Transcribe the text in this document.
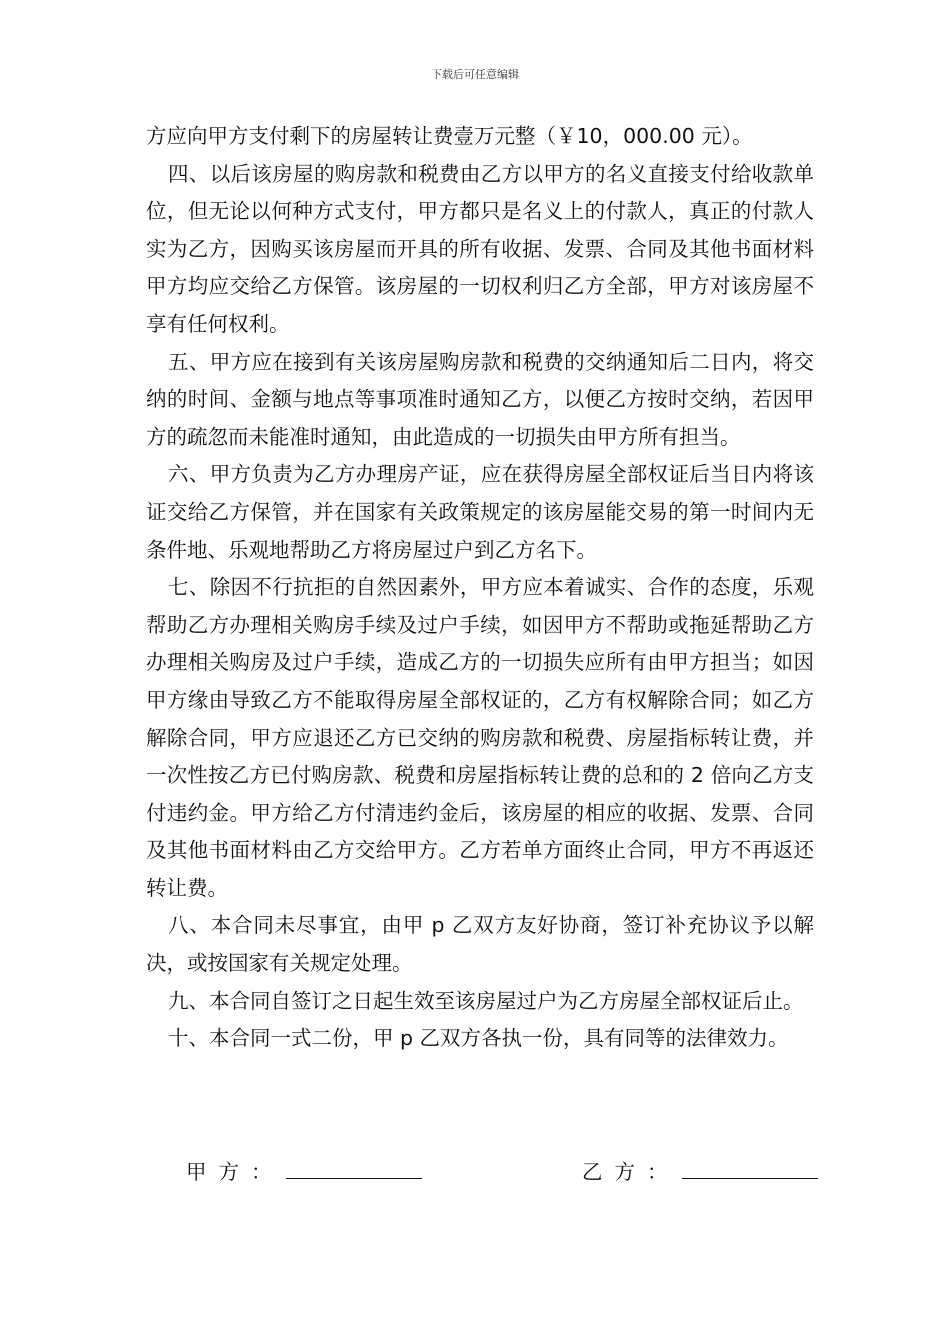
下载后可任意编辑

方应向甲方支付剩下的房屋转让费壹万元整（￥10，000.00 元）。

四、以后该房屋的购房款和税费由乙方以甲方的名义直接支付给收款单位，但无论以何种方式支付，甲方都只是名义上的付款人，真正的付款人实为乙方，因购买该房屋而开具的所有收据、发票、合同及其他书面材料甲方均应交给乙方保管。该房屋的一切权利归乙方全部，甲方对该房屋不享有任何权利。

五、甲方应在接到有关该房屋购房款和税费的交纳通知后二日内，将交纳的时间、金额与地点等事项准时通知乙方，以便乙方按时交纳，若因甲方的疏忽而未能准时通知，由此造成的一切损失由甲方所有担当。

六、甲方负责为乙方办理房产证，应在获得房屋全部权证后当日内将该证交给乙方保管，并在国家有关政策规定的该房屋能交易的第一时间内无条件地、乐观地帮助乙方将房屋过户到乙方名下。

七、除因不行抗拒的自然因素外，甲方应本着诚实、合作的态度，乐观帮助乙方办理相关购房手续及过户手续，如因甲方不帮助或拖延帮助乙方办理相关购房及过户手续，造成乙方的一切损失应所有由甲方担当；如因甲方缘由导致乙方不能取得房屋全部权证的，乙方有权解除合同；如乙方解除合同，甲方应退还乙方已交纳的购房款和税费、房屋指标转让费，并一次性按乙方已付购房款、税费和房屋指标转让费的总和的 2 倍向乙方支付违约金。甲方给乙方付清违约金后，该房屋的相应的收据、发票、合同及其他书面材料由乙方交给甲方。乙方若单方面终止合同，甲方不再返还转让费。

八、本合同未尽事宜，由甲 p 乙双方友好协商，签订补充协议予以解决，或按国家有关规定处理。

九、本合同自签订之日起生效至该房屋过户为乙方房屋全部权证后止。

十、本合同一式二份，甲 p 乙双方各执一份，具有同等的法律效力。

甲方：	乙方：
